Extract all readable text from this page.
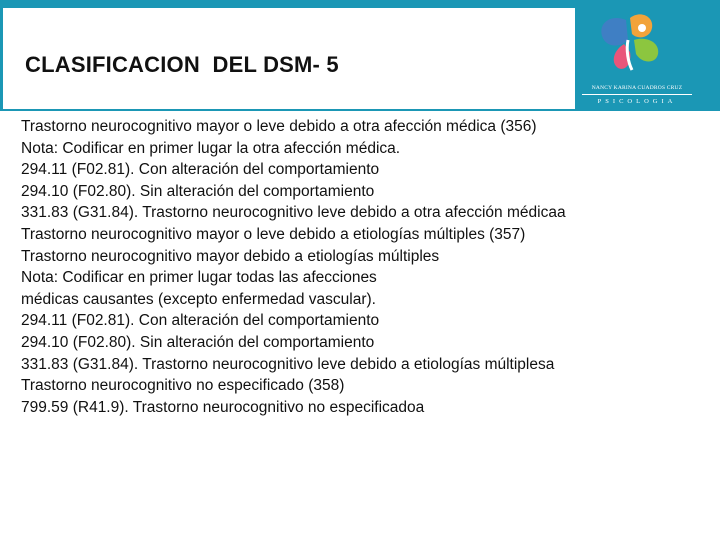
CLASIFICACION  DEL DSM- 5
NANCY KARINA CUADROS CRUZ
PSICOLOGIA
Trastorno neurocognitivo mayor o leve debido a otra afección médica (356)
Nota: Codificar en primer lugar la otra afección médica.
294.11 (F02.81). Con alteración del comportamiento
294.10 (F02.80). Sin alteración del comportamiento
331.83 (G31.84). Trastorno neurocognitivo leve debido a otra afección médicaa
Trastorno neurocognitivo mayor o leve debido a etiologías múltiples (357)
Trastorno neurocognitivo mayor debido a etiologías múltiples
Nota: Codificar en primer lugar todas las afecciones
médicas causantes (excepto enfermedad vascular).
294.11 (F02.81). Con alteración del comportamiento
294.10 (F02.80). Sin alteración del comportamiento
331.83 (G31.84). Trastorno neurocognitivo leve debido a etiologías múltiplesa
Trastorno neurocognitivo no especificado (358)
799.59 (R41.9). Trastorno neurocognitivo no especificadoa
